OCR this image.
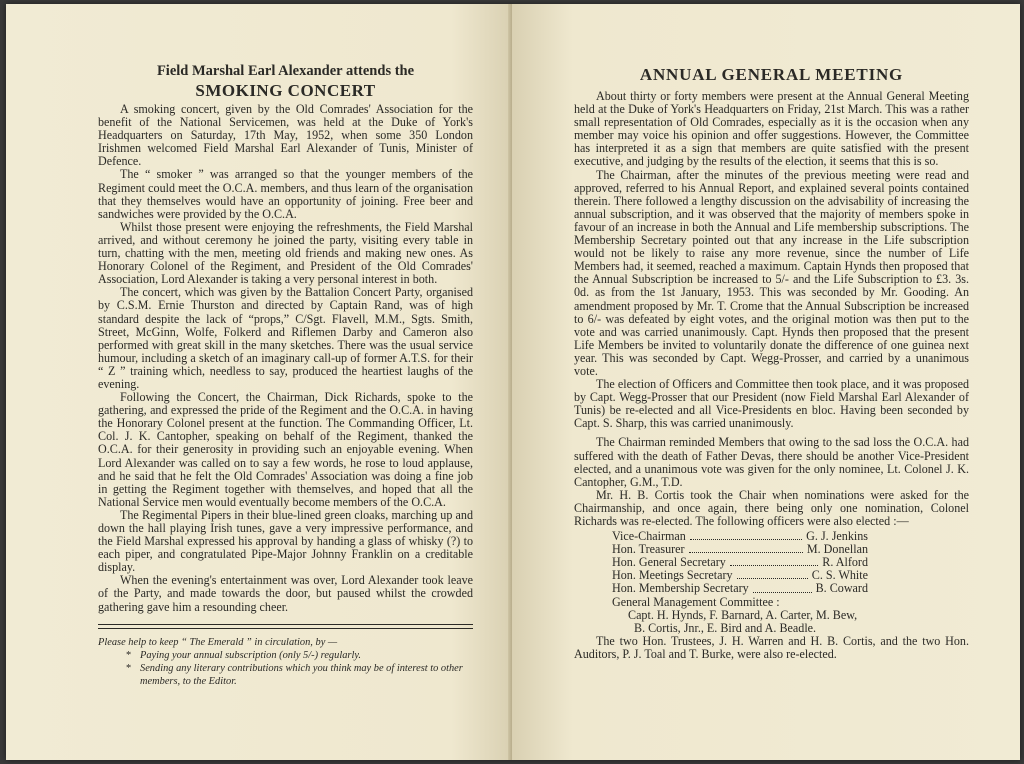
Field Marshal Earl Alexander attends the
SMOKING CONCERT

A smoking concert, given by the Old Comrades' Association for the benefit of the National Servicemen, was held at the Duke of York's Headquarters on Saturday, 17th May, 1952, when some 350 London Irishmen welcomed Field Marshal Earl Alexander of Tunis, Minister of Defence.

The “ smoker ” was arranged so that the younger members of the Regiment could meet the O.C.A. members, and thus learn of the organisation that they themselves would have an opportunity of joining. Free beer and sandwiches were provided by the O.C.A.

Whilst those present were enjoying the refreshments, the Field Marshal arrived, and without ceremony he joined the party, visiting every table in turn, chatting with the men, meeting old friends and making new ones. As Honorary Colonel of the Regiment, and President of the Old Comrades' Association, Lord Alexander is taking a very personal interest in both.

The concert, which was given by the Battalion Concert Party, organised by C.S.M. Ernie Thurston and directed by Captain Rand, was of high standard despite the lack of “props,” C/Sgt. Flavell, M.M., Sgts. Smith, Street, McGinn, Wolfe, Folkerd and Riflemen Darby and Cameron also performed with great skill in the many sketches. There was the usual service humour, including a sketch of an imaginary call-up of former A.T.S. for their “ Z ” training which, needless to say, produced the heartiest laughs of the evening.

Following the Concert, the Chairman, Dick Richards, spoke to the gathering, and expressed the pride of the Regiment and the O.C.A. in having the Honorary Colonel present at the function. The Commanding Officer, Lt. Col. J. K. Cantopher, speaking on behalf of the Regiment, thanked the O.C.A. for their generosity in providing such an enjoyable evening. When Lord Alexander was called on to say a few words, he rose to loud applause, and he said that he felt the Old Comrades' Association was doing a fine job in getting the Regiment together with themselves, and hoped that all the National Service men would eventually become members of the O.C.A.

The Regimental Pipers in their blue-lined green cloaks, marching up and down the hall playing Irish tunes, gave a very impressive performance, and the Field Marshal expressed his approval by handing a glass of whisky (?) to each piper, and congratulated Pipe-Major Johnny Franklin on a creditable display.

When the evening's entertainment was over, Lord Alexander took leave of the Party, and made towards the door, but paused whilst the crowded gathering gave him a resounding cheer.

Please help to keep “ The Emerald ” in circulation, by —
* Paying your annual subscription (only 5/-) regularly.
* Sending any literary contributions which you think may be of interest to other members, to the Editor.
ANNUAL GENERAL MEETING

About thirty or forty members were present at the Annual General Meeting held at the Duke of York's Headquarters on Friday, 21st March. This was a rather small representation of Old Comrades, especially as it is the occasion when any member may voice his opinion and offer suggestions. However, the Committee has interpreted it as a sign that members are quite satisfied with the present executive, and judging by the results of the election, it seems that this is so.

The Chairman, after the minutes of the previous meeting were read and approved, referred to his Annual Report, and explained several points contained therein. There followed a lengthy discussion on the advisability of increasing the annual subscription, and it was observed that the majority of members spoke in favour of an increase in both the Annual and Life membership subscriptions. The Membership Secretary pointed out that any increase in the Life subscription would not be likely to raise any more revenue, since the number of Life Members had, it seemed, reached a maximum. Captain Hynds then proposed that the Annual Subscription be increased to 5/- and the Life Subscription to £3. 3s. 0d. as from the 1st January, 1953. This was seconded by Mr. Gooding. An amendment proposed by Mr. T. Crome that the Annual Subscription be increased to 6/- was defeated by eight votes, and the original motion was then put to the vote and was carried unanimously. Capt. Hynds then proposed that the present Life Members be invited to voluntarily donate the difference of one guinea next year. This was seconded by Capt. Wegg-Prosser, and carried by a unanimous vote.

The election of Officers and Committee then took place, and it was proposed by Capt. Wegg-Prosser that our President (now Field Marshal Earl Alexander of Tunis) be re-elected and all Vice-Presidents en bloc. Having been seconded by Capt. S. Sharp, this was carried unanimously.

The Chairman reminded Members that owing to the sad loss the O.C.A. had suffered with the death of Father Devas, there should be another Vice-President elected, and a unanimous vote was given for the only nominee, Lt. Colonel J. K. Cantopher, G.M., T.D.

Mr. H. B. Cortis took the Chair when nominations were asked for the Chairmanship, and once again, there being only one nomination, Colonel Richards was re-elected. The following officers were also elected :—

Vice-Chairman	G. J. Jenkins
Hon. Treasurer	M. Donellan
Hon. General Secretary	R. Alford
Hon. Meetings Secretary	C. S. White
Hon. Membership Secretary	B. Coward
General Management Committee :
Capt. H. Hynds, F. Barnard, A. Carter, M. Bew,
B. Cortis, Jnr., E. Bird and A. Beadle.

The two Hon. Trustees, J. H. Warren and H. B. Cortis, and the two Hon. Auditors, P. J. Toal and T. Burke, were also re-elected.
